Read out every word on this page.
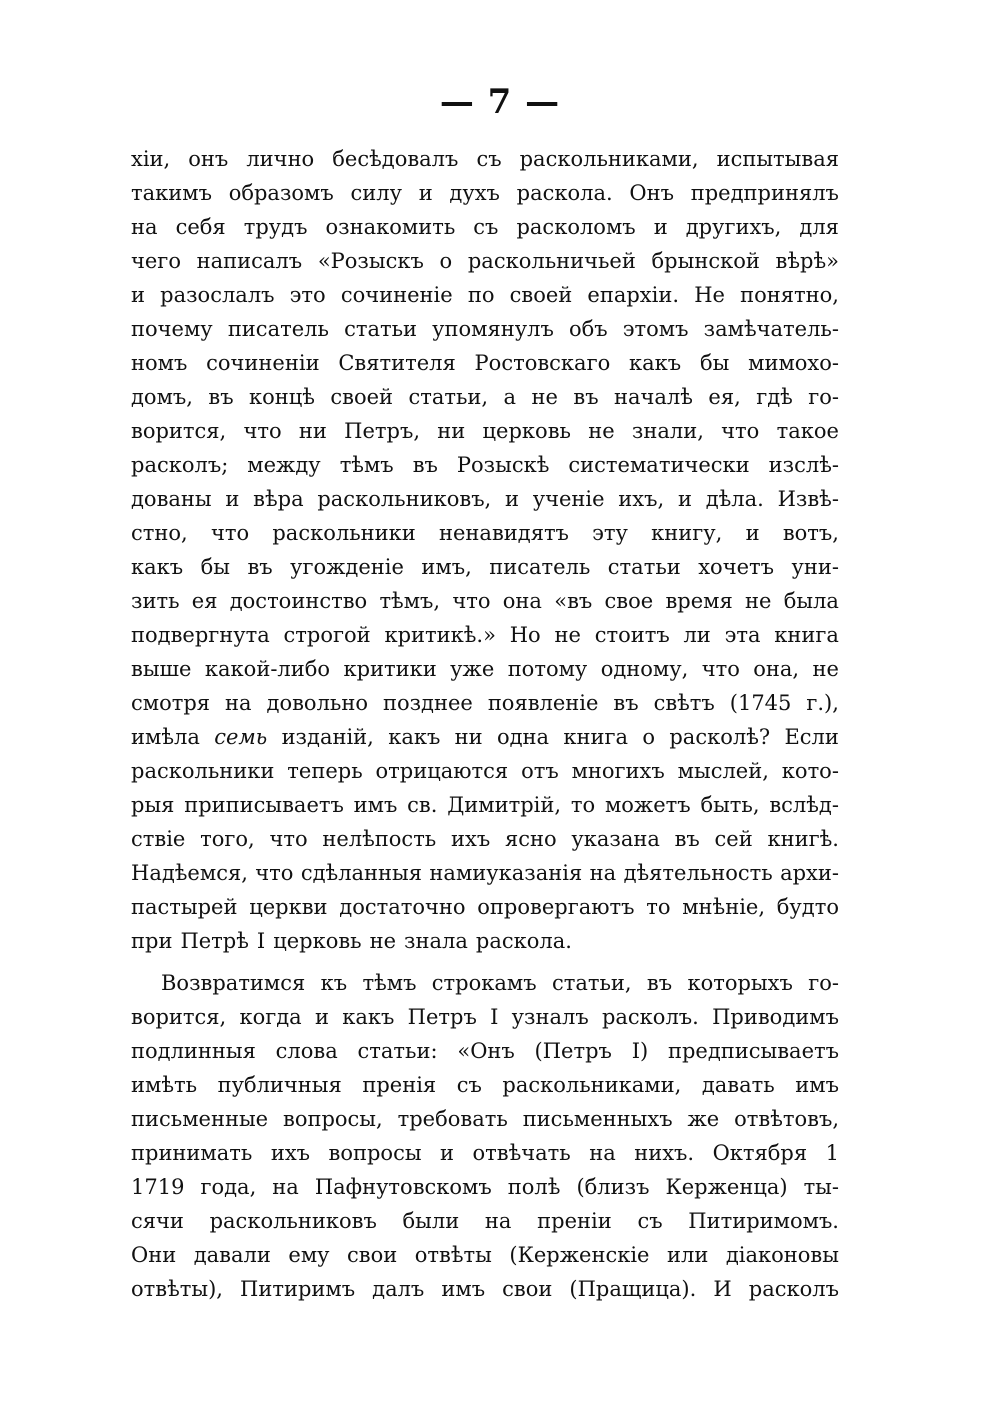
— 7 —
хіи, онъ лично бесѣдовалъ съ раскольниками, испытывая
такимъ образомъ силу и духъ раскола. Онъ предпринялъ
на себя трудъ ознакомить съ расколомъ и другихъ, для
чего написалъ «Розыскъ о раскольничьей брынской вѣрѣ»
и разослалъ это сочиненіе по своей епархіи. Не понятно,
почему писатель статьи упомянулъ объ этомъ замѣчатель-
номъ сочиненіи Святителя Ростовскаго какъ бы мимохо-
домъ, въ концѣ своей статьи, а не въ началѣ ея, гдѣ го-
ворится, что ни Петръ, ни церковь не знали, что такое
расколъ; между тѣмъ въ Розыскѣ систематически изслѣ-
дованы и вѣра раскольниковъ, и ученіе ихъ, и дѣла. Извѣ-
стно, что раскольники ненавидятъ эту книгу, и вотъ,
какъ бы въ угожденіе имъ, писатель статьи хочетъ уни-
зить ея достоинство тѣмъ, что она «въ свое время не была
подвергнута строгой критикѣ.» Но не стоитъ ли эта книга
выше какой-либо критики уже потому одному, что она, не
смотря на довольно позднее появленіе въ свѣтъ (1745 г.),
имѣла семь изданій, какъ ни одна книга о расколѣ? Если
раскольники теперь отрицаются отъ многихъ мыслей, кото-
рыя приписываетъ имъ св. Димитрій, то можетъ быть, вслѣд-
ствіе того, что нелѣпость ихъ ясно указана въ сей книгѣ.
Надѣемся, что сдѣланныя намиуказанія на дѣятельность архи-
пастырей церкви достаточно опровергаютъ то мнѣніе, будто
при Петрѣ I церковь не знала раскола.
Возвратимся къ тѣмъ строкамъ статьи, въ которыхъ го-
ворится, когда и какъ Петръ I узналъ расколъ. Приводимъ
подлинныя слова статьи: «Онъ (Петръ I) предписываетъ
имѣть публичныя пренія съ раскольниками, давать имъ
письменные вопросы, требовать письменныхъ же отвѣтовъ,
принимать ихъ вопросы и отвѣчать на нихъ. Октября 1
1719 года, на Пафнутовскомъ полѣ (близъ Керженца) ты-
сячи раскольниковъ были на преніи съ Питиримомъ.
Они давали ему свои отвѣты (Керженскіе или діаконовы
отвѣты), Питиримъ далъ имъ свои (Пращица). И расколъ
